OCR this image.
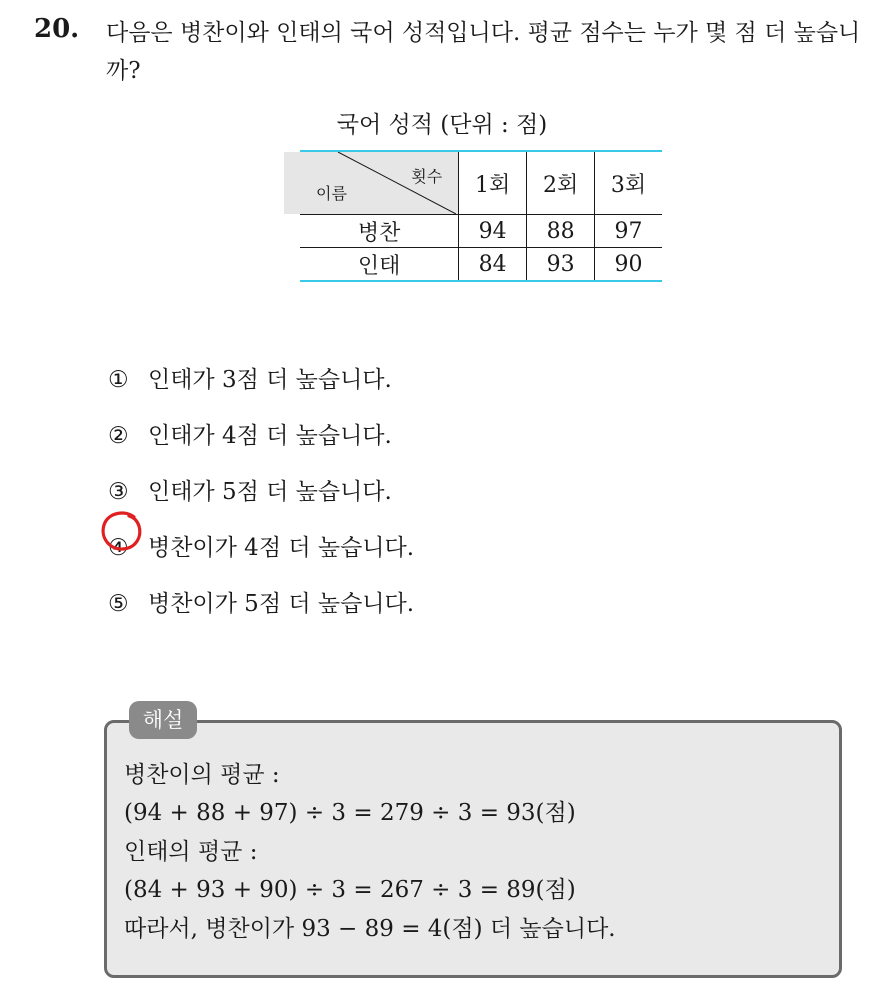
20. 다음은 병찬이와 인태의 국어 성적입니다. 평균 점수는 누가 몇 점 더 높습니까?
국어 성적 (단위 : 점)
횟수
이름	1회	2회	3회
병찬	94	88	97
인태	84	93	90
① 인태가 3점 더 높습니다.
② 인태가 4점 더 높습니다.
③ 인태가 5점 더 높습니다.
④ 병찬이가 4점 더 높습니다.
⑤ 병찬이가 5점 더 높습니다.
해설
병찬이의 평균 :
(94 + 88 + 97) ÷ 3 = 279 ÷ 3 = 93(점)
인태의 평균 :
(84 + 93 + 90) ÷ 3 = 267 ÷ 3 = 89(점)
따라서, 병찬이가 93 − 89 = 4(점) 더 높습니다.
